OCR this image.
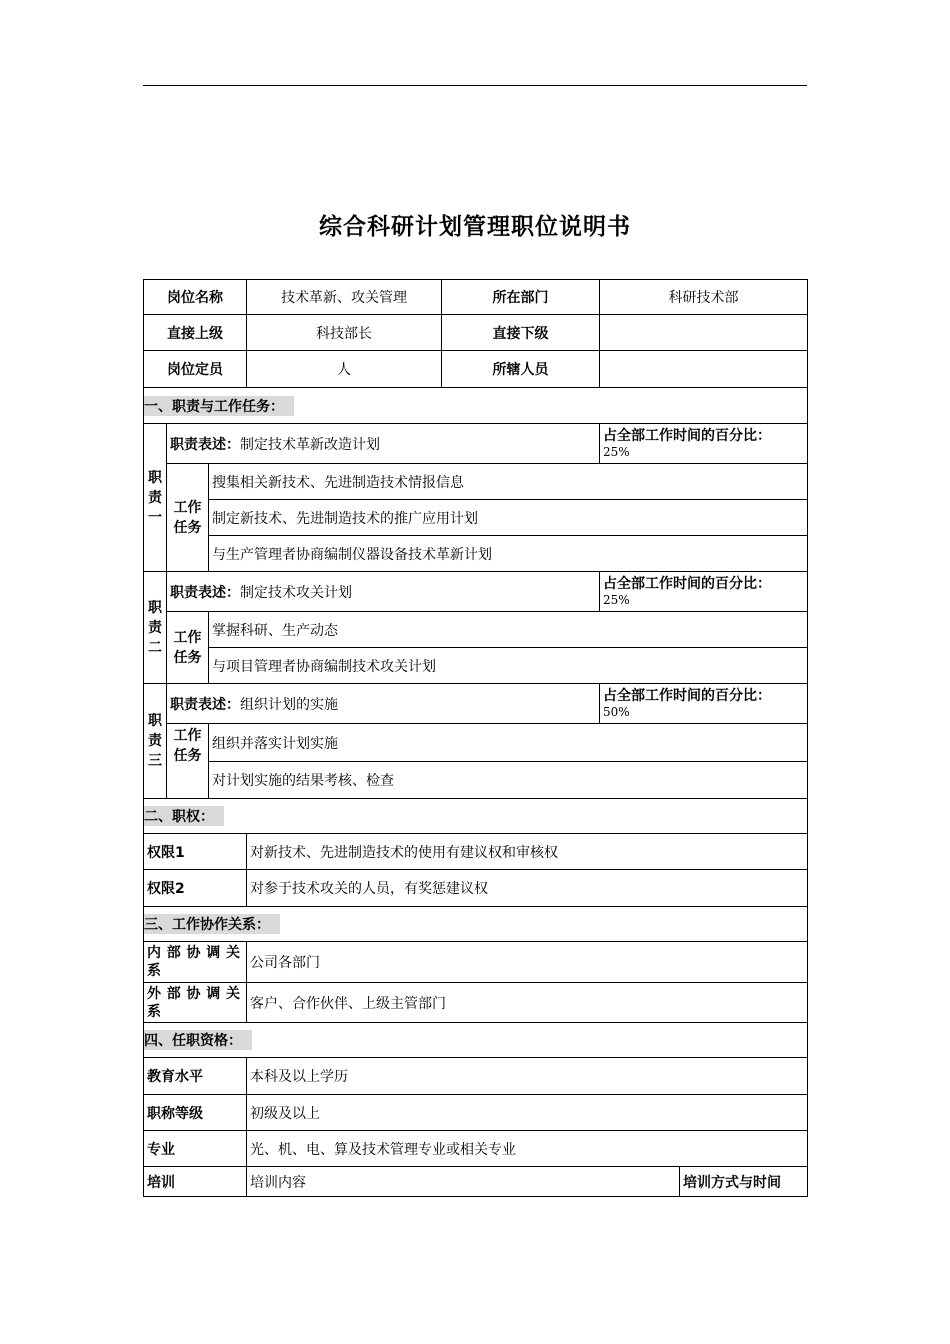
综合科研计划管理职位说明书
岗位名称			技术革新、攻关管理	所在部门	科研技术部	
直接上级			科技部长	直接下级		
岗位定员			人	所辖人员		
一、职责与工作任务：						
职责一	职责表述：制定技术革新改造计划				占全部工作时间的百分比：
25%	

	工作任务	搜集相关新技术、先进制造技术情报信息				
		制定新技术、先进制造技术的推广应用计划				
		与生产管理者协商编制仪器设备技术革新计划				
职责二	职责表述：制定技术攻关计划				占全部工作时间的百分比：
25%	

	工作任务	掌握科研、生产动态				
		与项目管理者协商编制技术攻关计划				
职责三	职责表述：组织计划的实施				占全部工作时间的百分比：
50%	

	工作任务	组织并落实计划实施				
		对计划实施的结果考核、检查				
二、职权：						
权限1			对新技术、先进制造技术的使用有建议权和审核权			
权限2			对参于技术攻关的人员，有奖惩建议权			
三、工作协作关系：						

内部协调关
系			公司各部门			

外部协调关
系			客户、合作伙伴、上级主管部门			
四、任职资格：						
教育水平			本科及以上学历			
职称等级			初级及以上			
专业			光、机、电、算及技术管理专业或相关专业			
培训			培训内容			培训方式与时间
